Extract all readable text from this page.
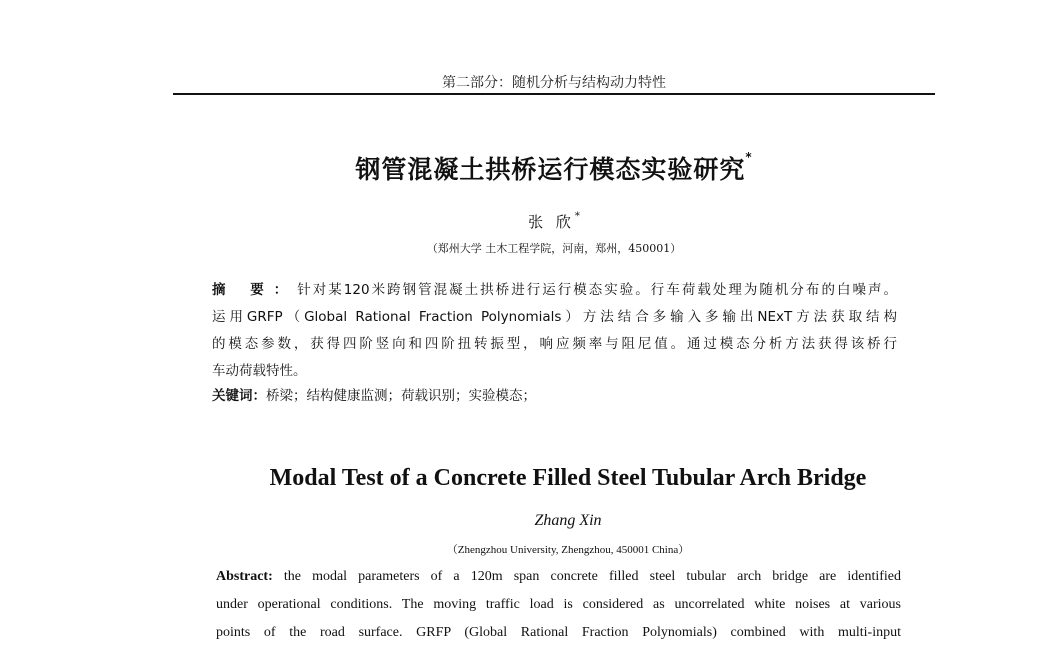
第二部分：随机分析与结构动力特性
钢管混凝土拱桥运行模态实验研究*
张 欣*
（郑州大学 土木工程学院，河南，郑州，450001）
摘 要：针对某120米跨钢管混凝土拱桥进行运行模态实验。行车荷载处理为随机分布的白噪声。
运用GRFP（Global Rational Fraction Polynomials）方法结合多输入多输出NExT方法获取结构
的模态参数，获得四阶竖向和四阶扭转振型，响应频率与阻尼值。通过模态分析方法获得该桥行
车动荷载特性。
关键词：桥梁；结构健康监测；荷载识别；实验模态；
Modal Test of a Concrete Filled Steel Tubular Arch Bridge
Zhang Xin
（Zhengzhou University, Zhengzhou, 450001 China）
Abstract: the modal parameters of a 120m span concrete filled steel tubular arch bridge are identified
under operational conditions. The moving traffic load is considered as uncorrelated white noises at various
points of the road surface. GRFP (Global Rational Fraction Polynomials) combined with multi-input
